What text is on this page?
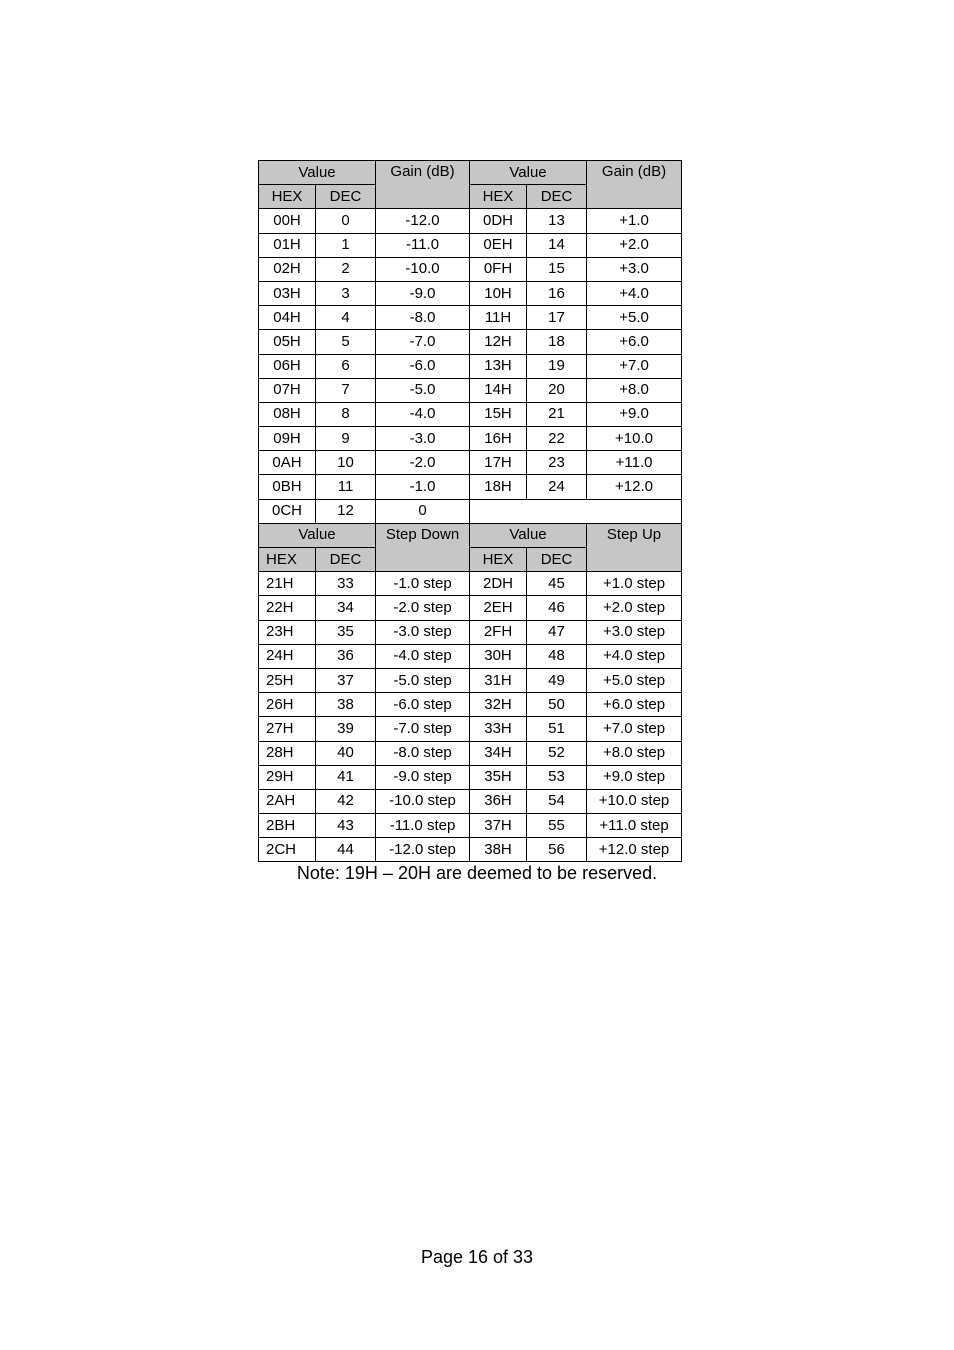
Value		Gain (dB)	Value		Gain (dB)
HEX	DEC		HEX	DEC	
00H	0	-12.0	0DH	13	+1.0
01H	1	-11.0	0EH	14	+2.0
02H	2	-10.0	0FH	15	+3.0
03H	3	-9.0	10H	16	+4.0
04H	4	-8.0	11H	17	+5.0
05H	5	-7.0	12H	18	+6.0
06H	6	-6.0	13H	19	+7.0
07H	7	-5.0	14H	20	+8.0
08H	8	-4.0	15H	21	+9.0
09H	9	-3.0	16H	22	+10.0
0AH	10	-2.0	17H	23	+11.0
0BH	11	-1.0	18H	24	+12.0
0CH	12	0			
Value		Step Down	Value		Step Up
HEX	DEC		HEX	DEC	
21H	33	-1.0 step	2DH	45	+1.0 step
22H	34	-2.0 step	2EH	46	+2.0 step
23H	35	-3.0 step	2FH	47	+3.0 step
24H	36	-4.0 step	30H	48	+4.0 step
25H	37	-5.0 step	31H	49	+5.0 step
26H	38	-6.0 step	32H	50	+6.0 step
27H	39	-7.0 step	33H	51	+7.0 step
28H	40	-8.0 step	34H	52	+8.0 step
29H	41	-9.0 step	35H	53	+9.0 step
2AH	42	-10.0 step	36H	54	+10.0 step
2BH	43	-11.0 step	37H	55	+11.0 step
2CH	44	-12.0 step	38H	56	+12.0 step
Note: 19H – 20H are deemed to be reserved.
Page 16 of 33
